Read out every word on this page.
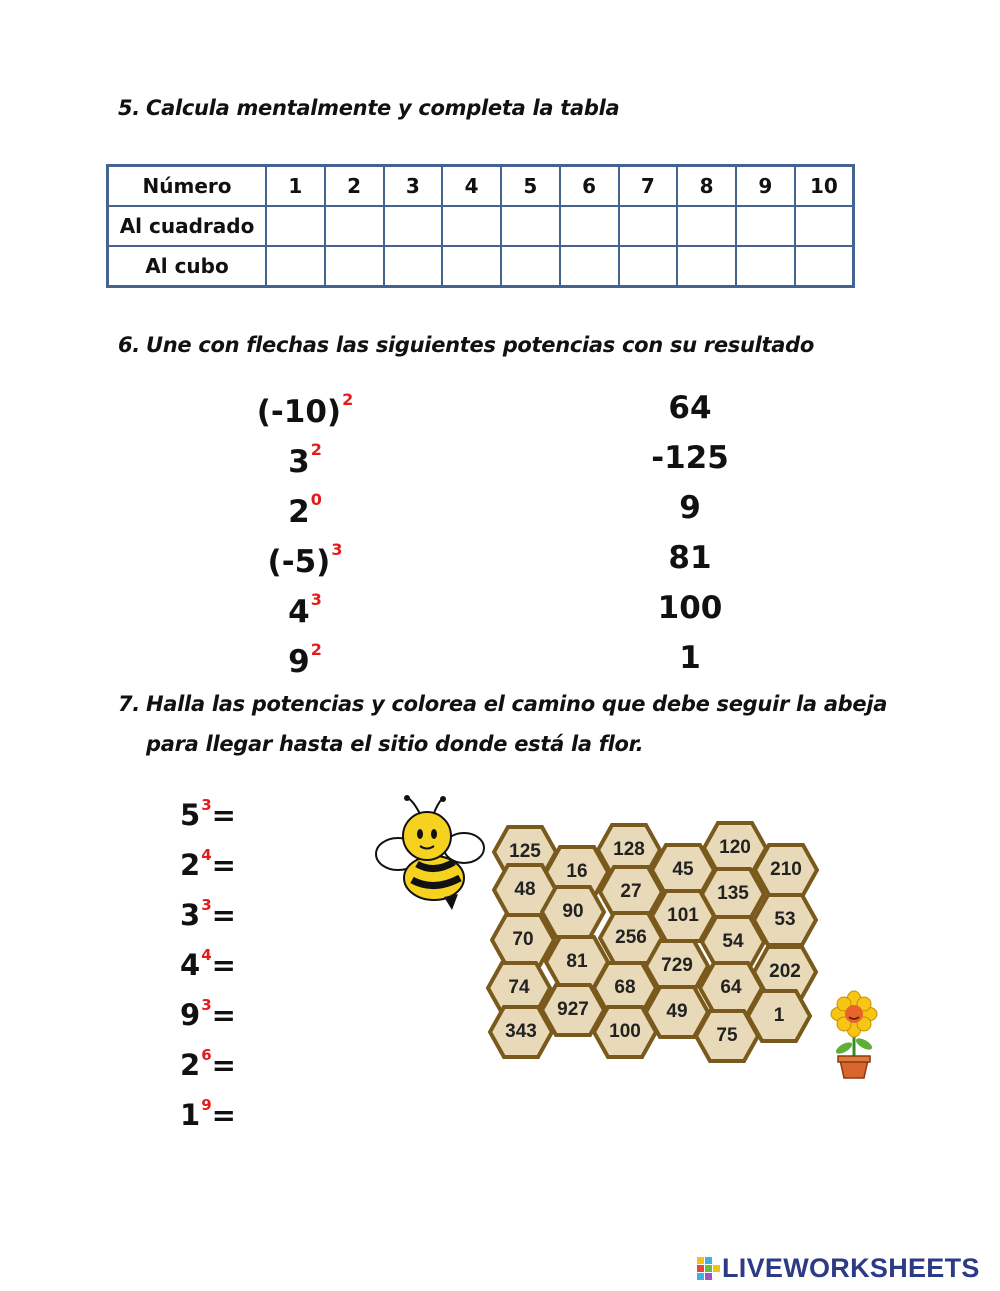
5. Calcula mentalmente y completa la tabla
Número	1	2	3	4	5	6	7	8	9	10
Al cuadrado										
Al cubo										
6. Une con flechas las siguientes potencias con su resultado
$(-10)^2$
$3^2$
$2^0$
$(-5)^3$
$4^3$
$9^2$
64
-125
9
81
100
1
7. Halla las potencias y colorea el camino que debe seguir la abeja
para llegar hasta el sitio donde está la flor.
$5^3=$
$2^4=$
$3^3=$
$4^4=$
$9^3=$
$2^6=$
$1^9=$
125
16
128
45
120
210
48	27	135
90	101	53
70	256	54
81	729	202
74	68	64
927	49	1
343	100	75
LIVEWORKSHEETS
